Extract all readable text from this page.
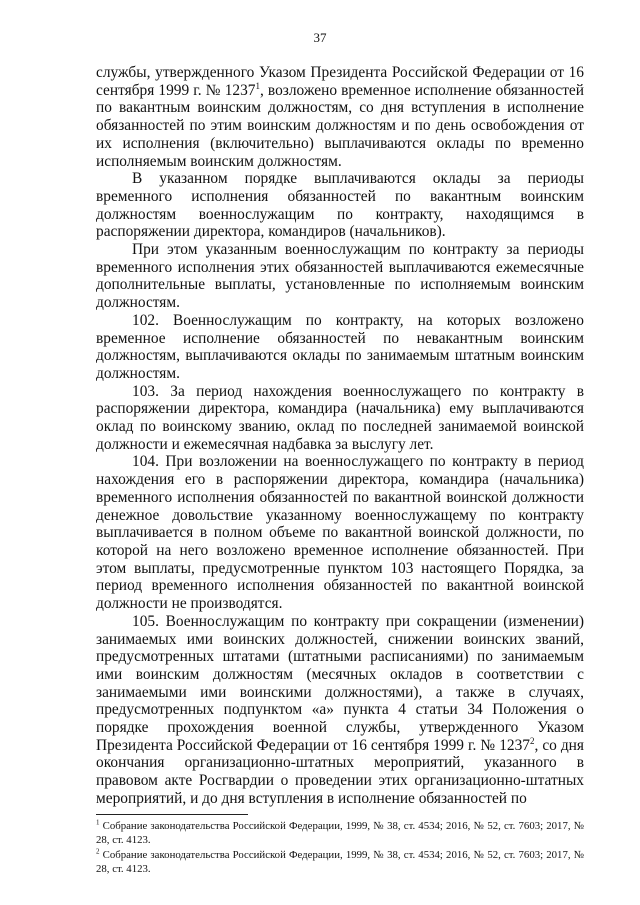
37

службы, утвержденного Указом Президента Российской Федерации от 16 сентября 1999 г. № 1237$^1$, возложено временное исполнение обязанностей по вакантным воинским должностям, со дня вступления в исполнение обязанностей по этим воинским должностям и по день освобождения от их исполнения (включительно) выплачиваются оклады по временно исполняемым воинским должностям.

В указанном порядке выплачиваются оклады за периоды временного исполнения обязанностей по вакантным воинским должностям военнослужащим по контракту, находящимся в распоряжении директора, командиров (начальников).

При этом указанным военнослужащим по контракту за периоды временного исполнения этих обязанностей выплачиваются ежемесячные дополнительные выплаты, установленные по исполняемым воинским должностям.

102. Военнослужащим по контракту, на которых возложено временное исполнение обязанностей по невакантным воинским должностям, выплачиваются оклады по занимаемым штатным воинским должностям.

103. За период нахождения военнослужащего по контракту в распоряжении директора, командира (начальника) ему выплачиваются оклад по воинскому званию, оклад по последней занимаемой воинской должности и ежемесячная надбавка за выслугу лет.

104. При возложении на военнослужащего по контракту в период нахождения его в распоряжении директора, командира (начальника) временного исполнения обязанностей по вакантной воинской должности денежное довольствие указанному военнослужащему по контракту выплачивается в полном объеме по вакантной воинской должности, по которой на него возложено временное исполнение обязанностей. При этом выплаты, предусмотренные пунктом 103 настоящего Порядка, за период временного исполнения обязанностей по вакантной воинской должности не производятся.

105. Военнослужащим по контракту при сокращении (изменении) занимаемых ими воинских должностей, снижении воинских званий, предусмотренных штатами (штатными расписаниями) по занимаемым ими воинским должностям (месячных окладов в соответствии с занимаемыми ими воинскими должностями), а также в случаях, предусмотренных подпунктом «а» пункта 4 статьи 34 Положения о порядке прохождения военной службы, утвержденного Указом Президента Российской Федерации от 16 сентября 1999 г. № 1237$^2$, со дня окончания организационно-штатных мероприятий, указанного в правовом акте Росгвардии о проведении этих организационно-штатных мероприятий, и до дня вступления в исполнение обязанностей по

$^1$ Собрание законодательства Российской Федерации, 1999, № 38, ст. 4534; 2016, № 52, ст. 7603; 2017, № 28, ст. 4123.

$^2$ Собрание законодательства Российской Федерации, 1999, № 38, ст. 4534; 2016, № 52, ст. 7603; 2017, № 28, ст. 4123.
